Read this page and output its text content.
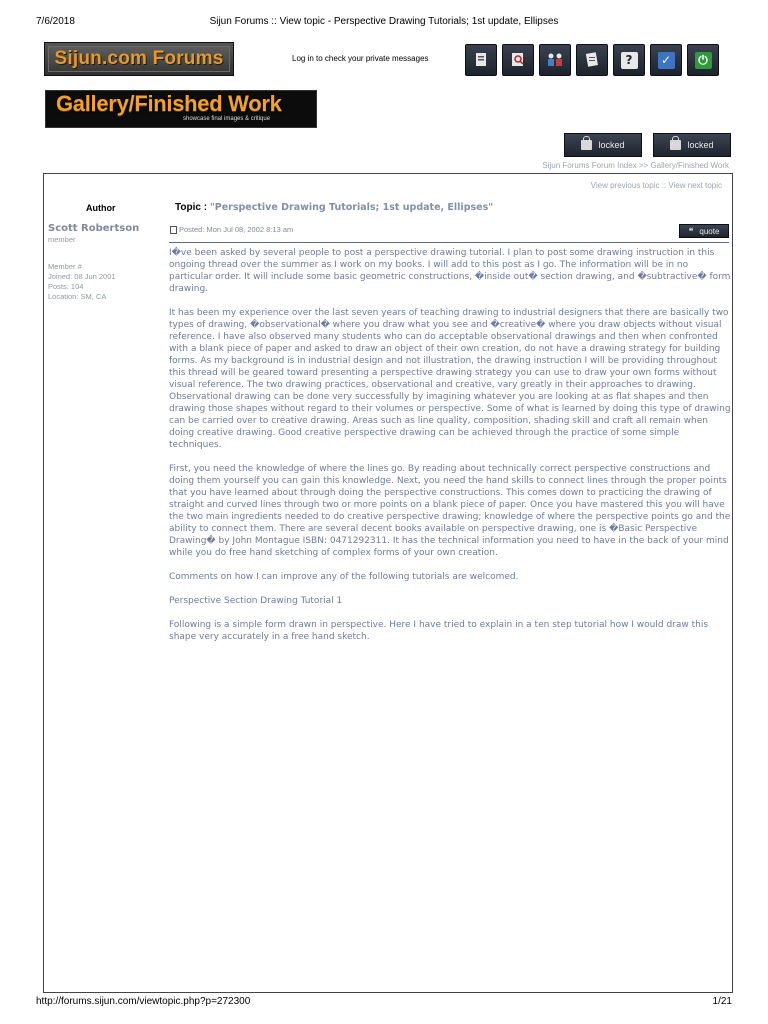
7/6/2018	Sijun Forums :: View topic - Perspective Drawing Tutorials; 1st update, Ellipses
Sijun.com Forums	Log in to check your private messages	?	✓	⏻
Gallery/Finished Work
showcase final images & critique
locked	locked
Sijun Forums Forum Index >> Gallery/Finished Work
View previous topic :: View next topic
Author	Topic : "Perspective Drawing Tutorials; 1st update, Ellipses"
Scott Robertson
member
Member #
Joined: 08 Jun 2001
Posts: 104
Location: SM, CA
Posted: Mon Jul 08, 2002 8:13 am	❝ quote

I�ve been asked by several people to post a perspective drawing tutorial. I plan to post some drawing instruction in this ongoing thread over the summer as I work on my books. I will add to this post as I go. The information will be in no particular order. It will include some basic geometric constructions, �inside out� section drawing, and �subtractive� form drawing.

It has been my experience over the last seven years of teaching drawing to industrial designers that there are basically two types of drawing, �observational� where you draw what you see and �creative� where you draw objects without visual reference. I have also observed many students who can do acceptable observational drawings and then when confronted with a blank piece of paper and asked to draw an object of their own creation, do not have a drawing strategy for building forms. As my background is in industrial design and not illustration, the drawing instruction I will be providing throughout this thread will be geared toward presenting a perspective drawing strategy you can use to draw your own forms without visual reference. The two drawing practices, observational and creative, vary greatly in their approaches to drawing. Observational drawing can be done very successfully by imagining whatever you are looking at as flat shapes and then drawing those shapes without regard to their volumes or perspective. Some of what is learned by doing this type of drawing can be carried over to creative drawing. Areas such as line quality, composition, shading skill and craft all remain when doing creative drawing. Good creative perspective drawing can be achieved through the practice of some simple techniques.

First, you need the knowledge of where the lines go. By reading about technically correct perspective constructions and doing them yourself you can gain this knowledge. Next, you need the hand skills to connect lines through the proper points that you have learned about through doing the perspective constructions. This comes down to practicing the drawing of straight and curved lines through two or more points on a blank piece of paper. Once you have mastered this you will have the two main ingredients needed to do creative perspective drawing; knowledge of where the perspective points go and the ability to connect them. There are several decent books available on perspective drawing, one is �Basic Perspective Drawing� by John Montague ISBN: 0471292311. It has the technical information you need to have in the back of your mind while you do free hand sketching of complex forms of your own creation.

Comments on how I can improve any of the following tutorials are welcomed.

Perspective Section Drawing Tutorial 1

Following is a simple form drawn in perspective. Here I have tried to explain in a ten step tutorial how I would draw this shape very accurately in a free hand sketch.

http://forums.sijun.com/viewtopic.php?p=272300	1/21
